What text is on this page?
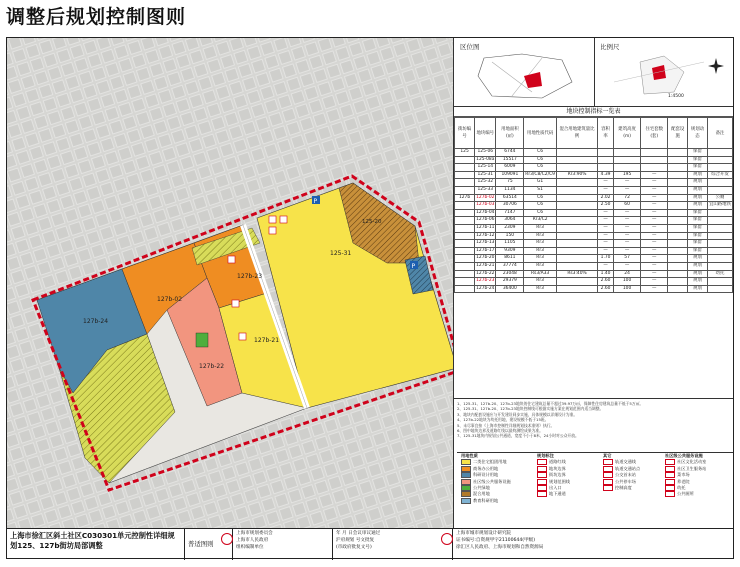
调整后规划控制图则
P
P
125-31
127b-23
127b-02
127b-22
127b-24
127b-21
125-20
区位图	比例尺
1:4500
地块控制指标一览表
街坊编号	地块编号	用地面积(㎡)	用地性质代码	混合用地建筑量比例	容积率	建筑高度(m)	住宅套数(套)	配套设施	规划动态	备注
125	125-06	6744	C6						保留	
	125-08a	15517	C6						保留	
	125-14	6009	C6						保留	
	125-31	109091	Rr3/C8/C2/C9	Rr3:90%	4.39	195	—		规划	综合开发
	125-32	75	G1		—	—	—		规划	
	125-33	1134	S1		—	—	—		规划	
127b	127b-02	63514	C6		2.02	72	—		规划	公厕
	127b-03	30706	C6		2.50	60	—		规划	宜山路地铁
	127b-04	7147	C6		—	—	—		保留	
	127b-06	3064	Rr3/C2		—	—	—		保留	
	127b-11	2309	Rr3		—	—	—		保留	
	127b-12	150	Rr3		—	—	—		保留	
	127b-13	1105	Rr3		—	—	—		保留	
	127b-17	9309	Rr3		—	—	—		保留	
	127b-20	8611	Rr3		1.70	57	—		规划	
	127b-21	37774	Rr3		—	—	—		规划	
	127b-22	23048	Rs3/A33	Rs3:40%	1.40	24	—		规划	幼托
	127b-23	29379	Rr3		2.60	100	—		规划	
	127b-24	36400	Rr3		2.60	100	—		规划	
1、125-31、127b-20、127b-23地块的住宅建筑总量不超过39.97万㎡，保障性住房建筑总量不低于5万㎡。
2、125-31、127b-20、127b-23地块控制线可根据实施方案在规划范围内适当调整。
3、地块内配套设施应与开发建设同步实施，具体规模以详细设计为准。
4、127b-22地块为幼托用地，建设规模不低于15班。
5、未尽事宜按《上海市控制性详细规划技术准则》执行。
6、图中地块边界及道路红线以最终测绘成果为准。
7、125-31地块内规划公共通道，宽度不小于8米，24小时对公众开放。
用地性质
二类住宅组团用地
商务办公用地
科研设计用地
社区级公共服务设施
公共绿地
混合用地
教育科研用地
规划标注
道路红线
地块边界
街坊边界
规划范围线
出入口
地下通道
其它
轨道交通线
轨道交通站点
公交首末站
公共停车场
控制高度
社区级公共服务设施
社区文化活动室
社区卫生服务站
菜市场
养老院
幼托
公共厕所
上海市徐汇区斜土社区C030301单元控制性详细规划125、127b街坊局部调整	普适图则
上海市规划委员会
上海市人民政府
组织编制单位
年 月 日会议审议通过
沪府规划 号文批复
(市政府批复文号)
上海市城市规划设计研究院
证书编号:自资规甲字21100644(甲级)
徐汇区人民政府、上海市规划和自然资源局
